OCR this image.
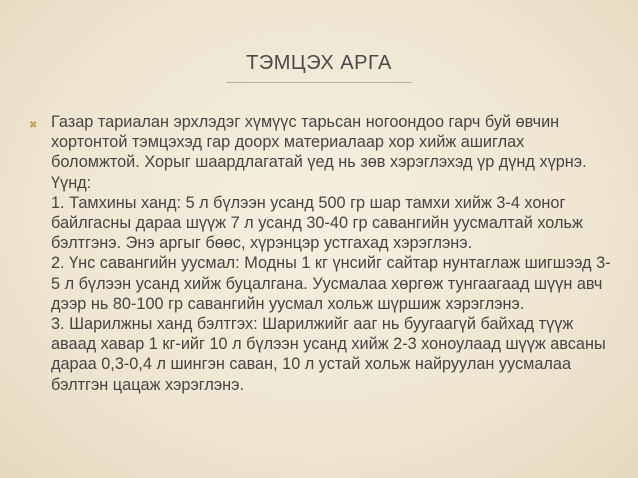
ТЭМЦЭХ АРГА
✖ Газар тариалан эрхлэдэг хүмүүс тарьсан ногоондоо гарч буй өвчин хортонтой тэмцэхэд гар доорх материалаар хор хийж ашиглах боломжтой. Хорыг шаардлагатай үед нь зөв хэрэглэхэд үр дүнд хүрнэ. Үүнд:
1. Тамхины ханд: 5 л бүлээн усанд 500 гр шар тамхи хийж 3-4 хоног байлгасны дараа шүүж 7 л усанд 30-40 гр савангийн уусмалтай хольж бэлтгэнэ. Энэ аргыг бөөс, хүрэнцэр устгахад хэрэглэнэ.
2. Үнс савангийн уусмал: Модны 1 кг үнсийг сайтар нунтаглаж шигшээд 3-5 л бүлээн усанд хийж буцалгана. Уусмалаа хөргөж тунгаагаад шүүн авч дээр нь 80-100 гр савангийн уусмал хольж шүршиж хэрэглэнэ.
3. Шарилжны ханд бэлтгэх: Шарилжийг ааг нь буугаагүй байхад түүж аваад хавар 1 кг-ийг 10 л бүлээн усанд хийж 2-3 хоноулаад шүүж авсаны дараа 0,3-0,4 л шингэн саван, 10 л устай хольж найруулан уусмалаа бэлтгэн цацаж хэрэглэнэ.
